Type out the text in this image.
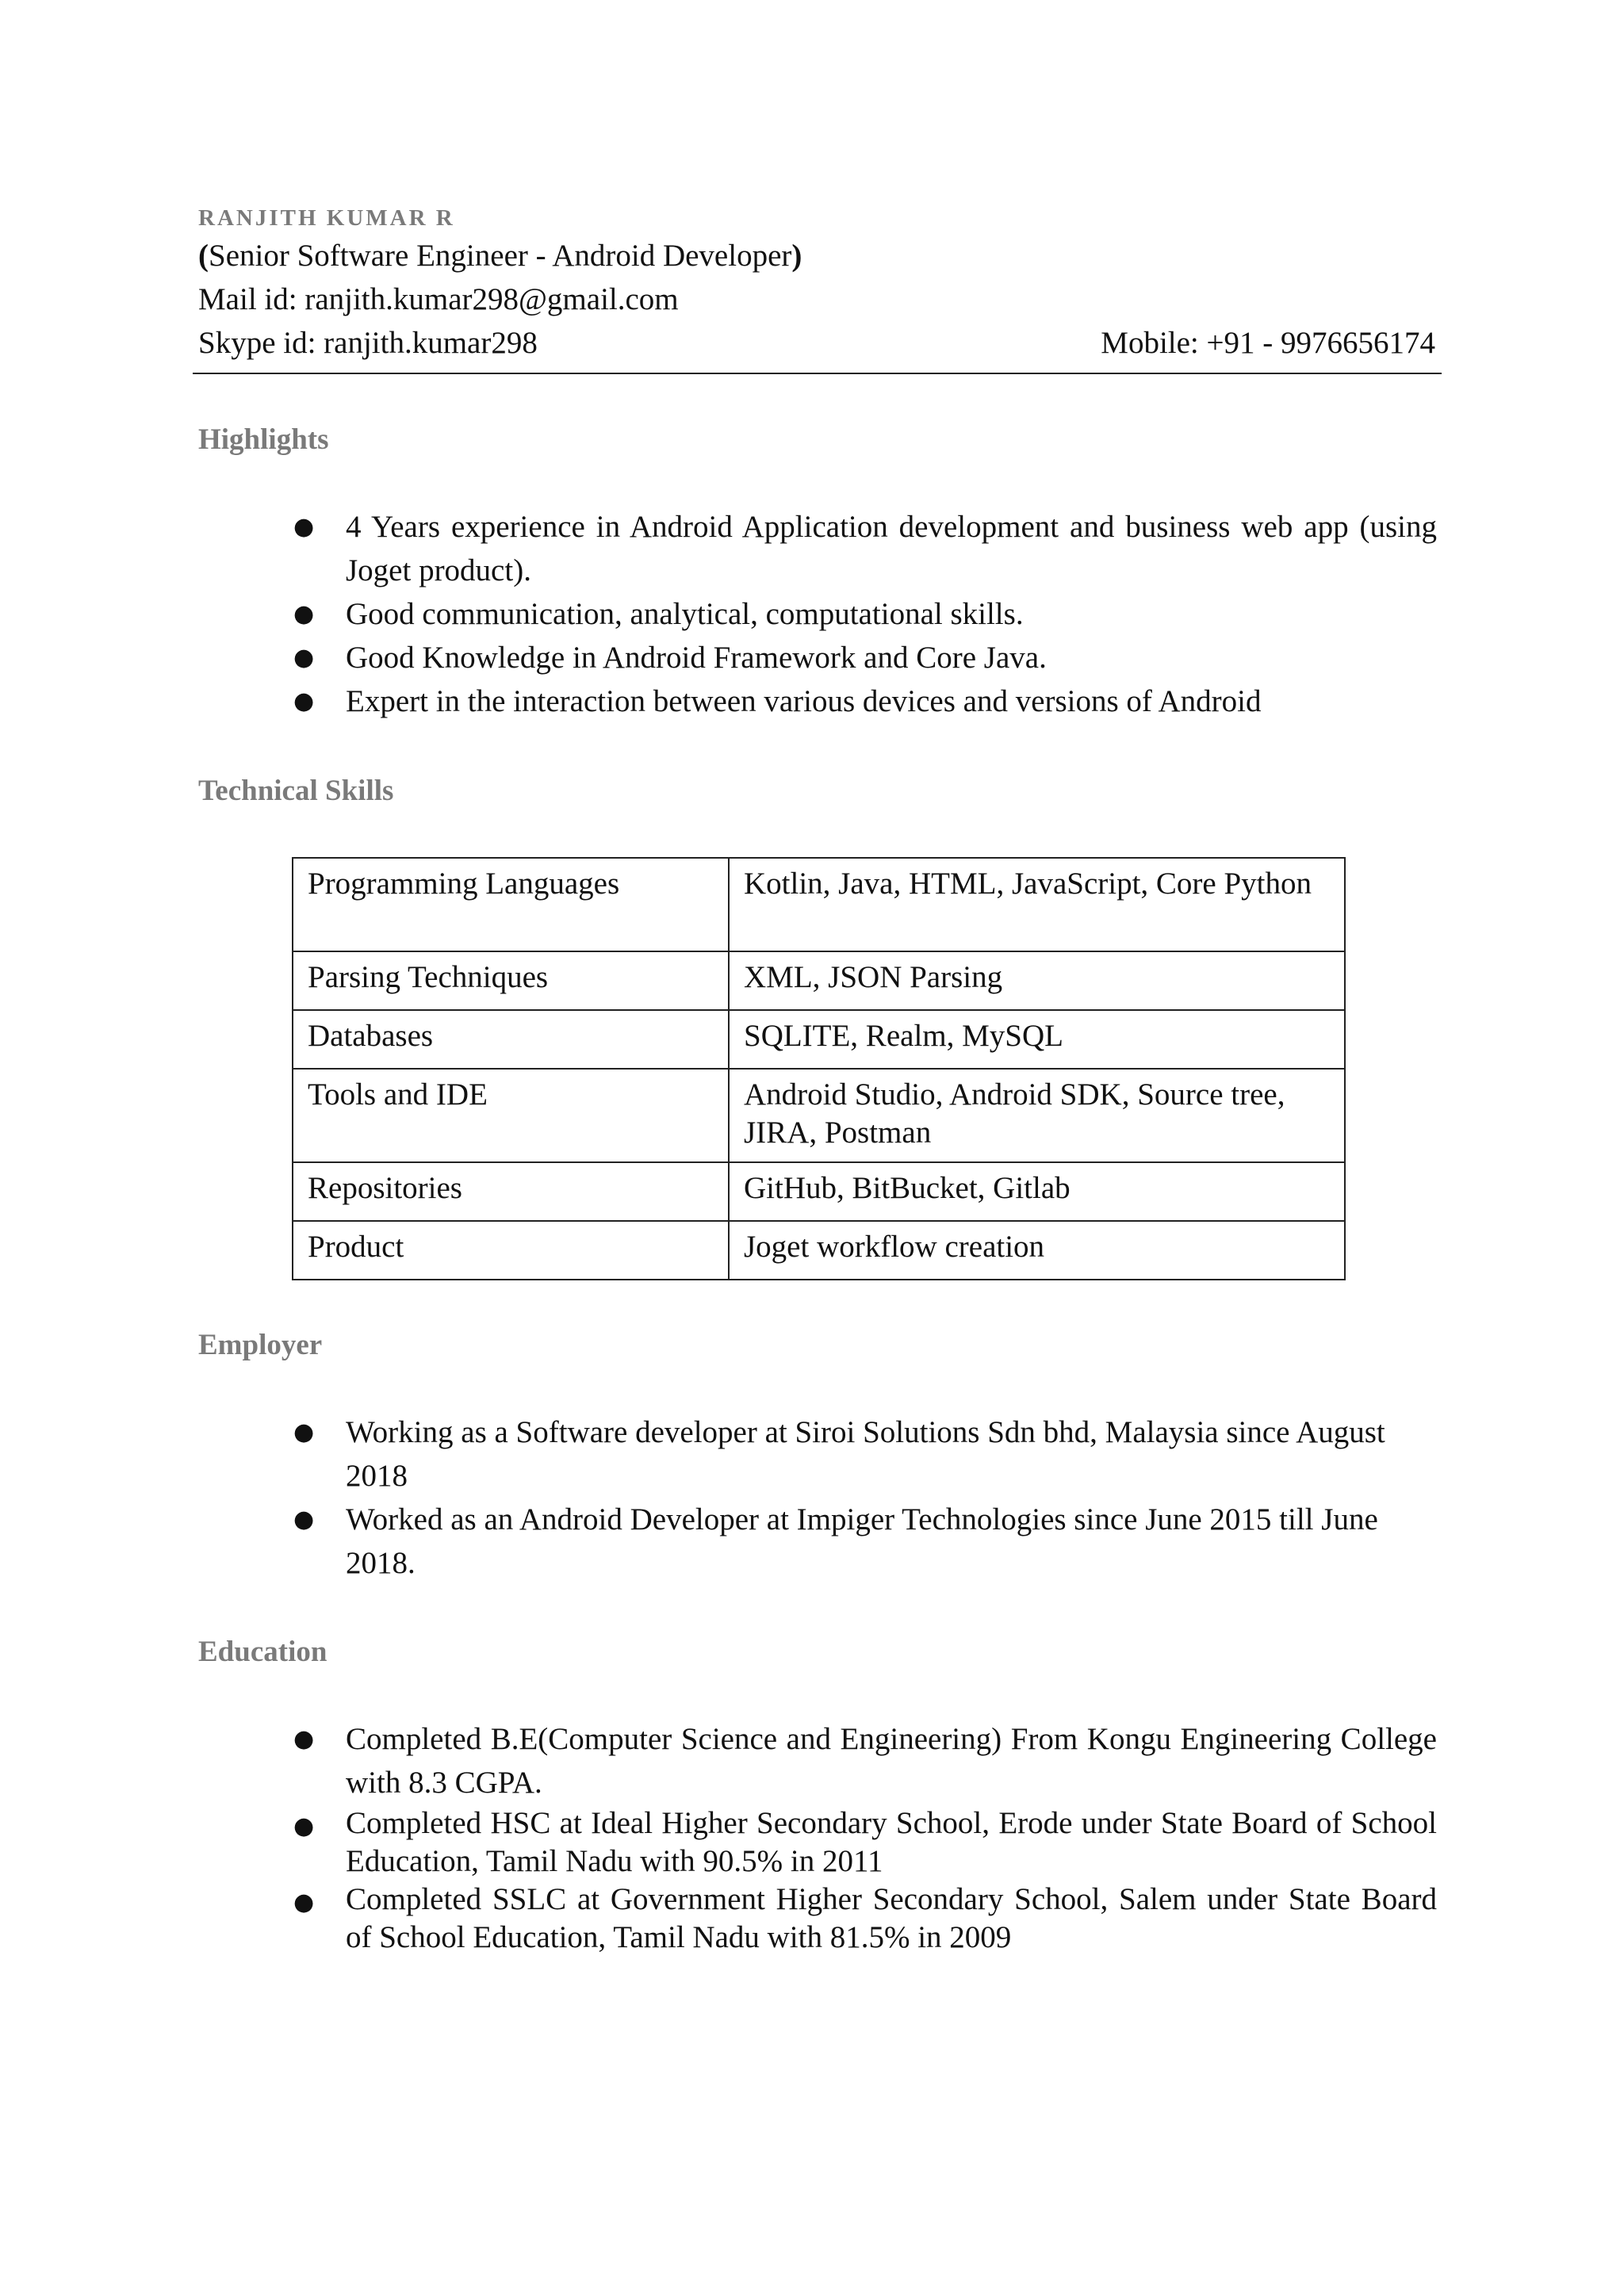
RANJITH KUMAR R
(Senior Software Engineer - Android Developer)
Mail id: ranjith.kumar298@gmail.com
Skype id: ranjith.kumar298	Mobile: +91 - 9976656174
Highlights
● 4 Years experience in Android Application development and business web app (using Joget product).
● Good communication, analytical, computational skills.
● Good Knowledge in Android Framework and Core Java.
● Expert in the interaction between various devices and versions of Android
Technical Skills
Programming Languages	Kotlin, Java, HTML, JavaScript, Core Python
Parsing Techniques	XML, JSON Parsing
Databases	SQLITE, Realm, MySQL
Tools and IDE	Android Studio, Android SDK, Source tree, JIRA, Postman
Repositories	GitHub, BitBucket, Gitlab
Product	Joget workflow creation
Employer
● Working as a Software developer at Siroi Solutions Sdn bhd, Malaysia since August 2018
● Worked as an Android Developer at Impiger Technologies since June 2015 till June 2018.
Education
● Completed B.E(Computer Science and Engineering) From Kongu Engineering College with 8.3 CGPA.
● Completed HSC at Ideal Higher Secondary School, Erode under State Board of School Education, Tamil Nadu with 90.5% in 2011
● Completed SSLC at Government Higher Secondary School, Salem under State Board of School Education, Tamil Nadu with 81.5% in 2009
